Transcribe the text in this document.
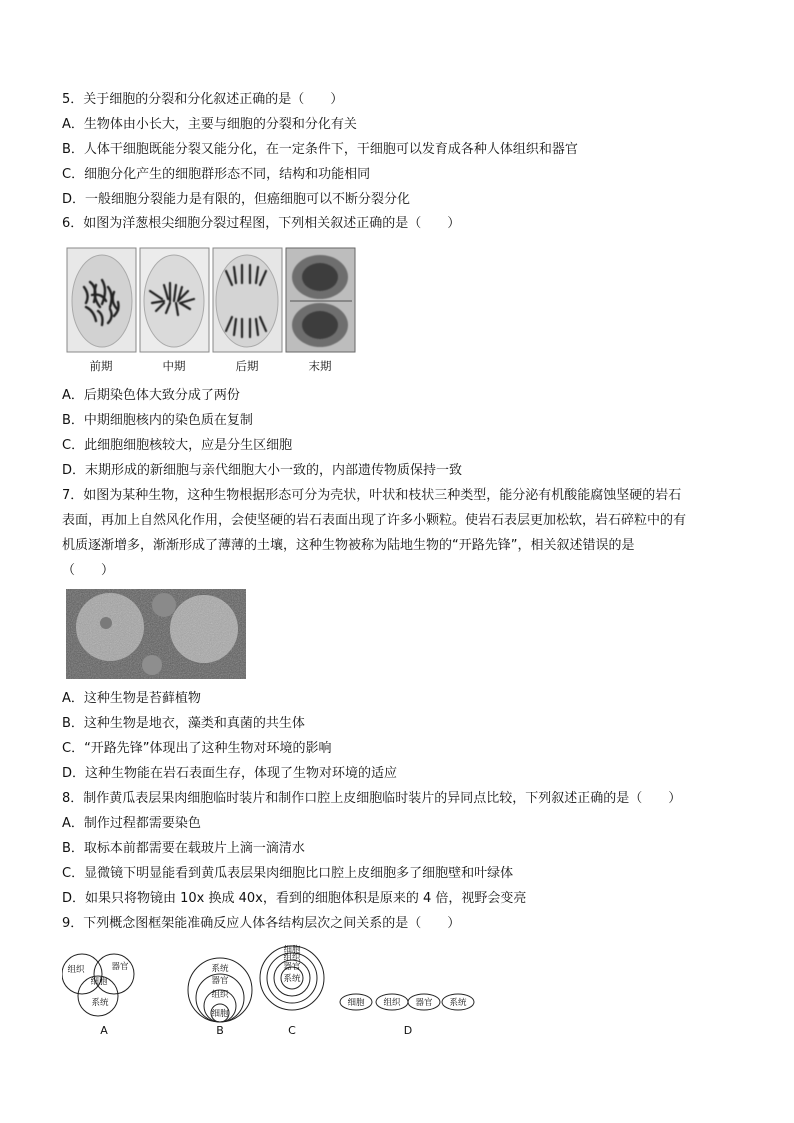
5．关于细胞的分裂和分化叙述正确的是（　　）
A．生物体由小长大，主要与细胞的分裂和分化有关
B．人体干细胞既能分裂又能分化，在一定条件下，干细胞可以发育成各种人体组织和器官
C．细胞分化产生的细胞群形态不同，结构和功能相同
D．一般细胞分裂能力是有限的，但癌细胞可以不断分裂分化
6．如图为洋葱根尖细胞分裂过程图，下列相关叙述正确的是（　　）
前期	中期	后期	末期
A．后期染色体大致分成了两份
B．中期细胞核内的染色质在复制
C．此细胞细胞核较大，应是分生区细胞
D．末期形成的新细胞与亲代细胞大小一致的，内部遗传物质保持一致
7．如图为某种生物，这种生物根据形态可分为壳状，叶状和枝状三种类型，能分泌有机酸能腐蚀坚硬的岩石
表面，再加上自然风化作用，会使坚硬的岩石表面出现了许多小颗粒。使岩石表层更加松软，岩石碎粒中的有
机质逐渐增多，渐渐形成了薄薄的土壤，这种生物被称为陆地生物的“开路先锋”，相关叙述错误的是
（　　）
A．这种生物是苔藓植物
B．这种生物是地衣，藻类和真菌的共生体
C．“开路先锋”体现出了这种生物对环境的影响
D．这种生物能在岩石表面生存，体现了生物对环境的适应
8．制作黄瓜表层果肉细胞临时装片和制作口腔上皮细胞临时装片的异同点比较，下列叙述正确的是（　　）
A．制作过程都需要染色
B．取标本前都需要在载玻片上滴一滴清水
C．显微镜下明显能看到黄瓜表层果肉细胞比口腔上皮细胞多了细胞壁和叶绿体
D．如果只将物镜由 10x 换成 40x，看到的细胞体积是原来的 4 倍，视野会变亮
9．下列概念图框架能准确反应人体各结构层次之间关系的是（　　）
组织	器官
细胞
系统
系统
器官
组织
细胞
细胞
组织
器官
系统
细胞 组织 器官 系统
A	B	C	D
